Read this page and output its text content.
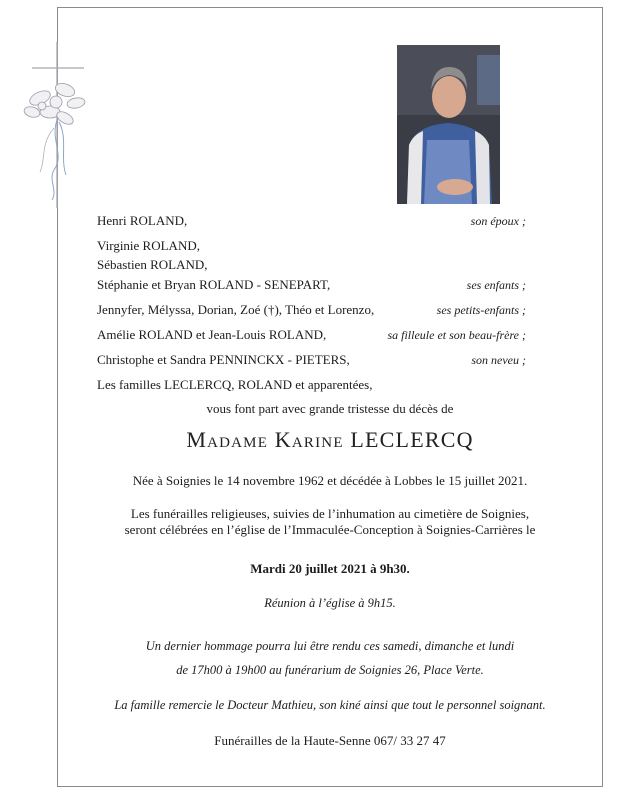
Henri ROLAND,	son époux ;
Virginie ROLAND,
Sébastien ROLAND,
Stéphanie et Bryan ROLAND - SENEPART,	ses enfants ;
Jennyfer, Mélyssa, Dorian, Zoé (†), Théo et Lorenzo,	ses petits-enfants ;
Amélie ROLAND et Jean-Louis ROLAND,	sa filleule et son beau-frère ;
Christophe et Sandra PENNINCKX - PIETERS,	son neveu ;
Les familles LECLERCQ, ROLAND et apparentées,
vous font part avec grande tristesse du décès de
Madame Karine LECLERCQ
Née à Soignies le 14 novembre 1962 et décédée à Lobbes le 15 juillet 2021.
Les funérailles religieuses, suivies de l’inhumation au cimetière de Soignies,
seront célébrées en l’église de l’Immaculée-Conception à Soignies-Carrières le
Mardi 20 juillet 2021 à 9h30.
Réunion à l’église à 9h15.
Un dernier hommage pourra lui être rendu ces samedi, dimanche et lundi
de 17h00 à 19h00 au funérarium de Soignies 26, Place Verte.
La famille remercie le Docteur Mathieu, son kiné ainsi que tout le personnel soignant.
Funérailles de la Haute-Senne 067/ 33 27 47
